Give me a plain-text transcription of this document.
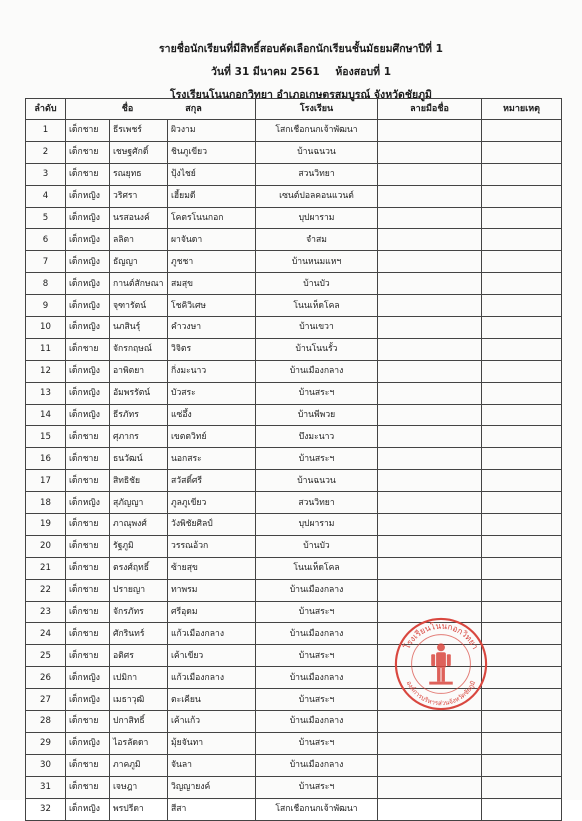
รายชื่อนักเรียนที่มีสิทธิ์สอบคัดเลือกนักเรียนชั้นมัธยมศึกษาปีที่ 1
วันที่ 31 มีนาคม 2561 ห้องสอบที่ 1
โรงเรียนโนนกอกวิทยา อำเภอเกษตรสมบูรณ์ จังหวัดชัยภูมิ
ลำดับ	ชื่อ สกุล			โรงเรียน	ลายมือชื่อ	หมายเหตุ
1	เด็กชาย	ธีรเพชร์	ผิวงาม	โสกเชือกนกเจ้าพัฒนา		
2	เด็กชาย	เชษฐศักดิ์	ชินภูเขียว	บ้านฉนวน		
3	เด็กชาย	รณยุทธ	ปุ้งไชย์	สวนวิทยา		
4	เด็กหญิง	วริศรา	เฮี้ยมดี	เซนต์ปอลคอนแวนต์		
5	เด็กหญิง	นรสอนงค์	โคตรโนนกอก	บุปผาราม		
6	เด็กหญิง	ลลิตา	ผาจันดา	จำสม		
7	เด็กหญิง	ธัญญา	ภูชชา	บ้านหนมแหฯ		
8	เด็กหญิง	กานต์สักษณา	สมสุข	บ้านบัว		
9	เด็กหญิง	จุฑารัตน์	โชคิวิเศษ	โนนเห็ดโคล		
10	เด็กหญิง	นภสินรุ์	คำวงษา	บ้านเขวา		
11	เด็กชาย	จักรกฤษณ์	วิจิตร	บ้านโนนรั้ว		
12	เด็กหญิง	อาพิตยา	กิ่งมะนาว	บ้านเมืองกลาง		
13	เด็กหญิง	อัมพรรัตน์	บัวสระ	บ้านสระฯ		
14	เด็กหญิง	ธีรภัทร	แซ่อึ้ง	บ้านพีพวย		
15	เด็กชาย	ศุภากร	เขตตวิทย์	บึงมะนาว		
16	เด็กชาย	ธนวัฒน์	นอกสระ	บ้านสระฯ		
17	เด็กชาย	สิทธิชัย	สวัสดิ์ศรี	บ้านฉนวน		
18	เด็กหญิง	สุภัญญา	ภูลภูเขียว	สวนวิทยา		
19	เด็กชาย	ภาณุพงศ์	วังพิชัยศิลป์	บุปผาราม		
20	เด็กชาย	รัฐภูมิ	วรรณอ้วก	บ้านบัว		
21	เด็กชาย	ตรงศ์ฤทธิ์	ซ้ายสุข	โนนเห็ดโคล		
22	เด็กชาย	ปรายญา	ทาพรม	บ้านเมืองกลาง		
23	เด็กชาย	จักรภัทร	ศรีอุดม	บ้านสระฯ		
24	เด็กชาย	ศักรินทร์	แก้วเมืองกลาง	บ้านเมืองกลาง		
25	เด็กชาย	อติศร	เค้าเขียว	บ้านสระฯ		
26	เด็กหญิง	เปมิกา	แก้วเมืองกลาง	บ้านเมืองกลาง		
27	เด็กหญิง	เมธาวุฒิ	ตะเคียน	บ้านสระฯ		
28	เด็กชาย	ปกาสิทธิ์	เค้าแก้ว	บ้านเมืองกลาง		
29	เด็กหญิง	ไอรลัดดา	มุ้ยจันทา	บ้านสระฯ		
30	เด็กชาย	ภาคภูมิ	จันลา	บ้านเมืองกลาง		
31	เด็กชาย	เจษฎา	วิญญายงค์	บ้านสระฯ		
32	เด็กหญิง	พรปรีดา	สีสา	โสกเชือกนกเจ้าพัฒนา		
โรงเรียนโนนกอกวิทยา
องค์การบริหารส่วนจังหวัดชัยภูมิ
